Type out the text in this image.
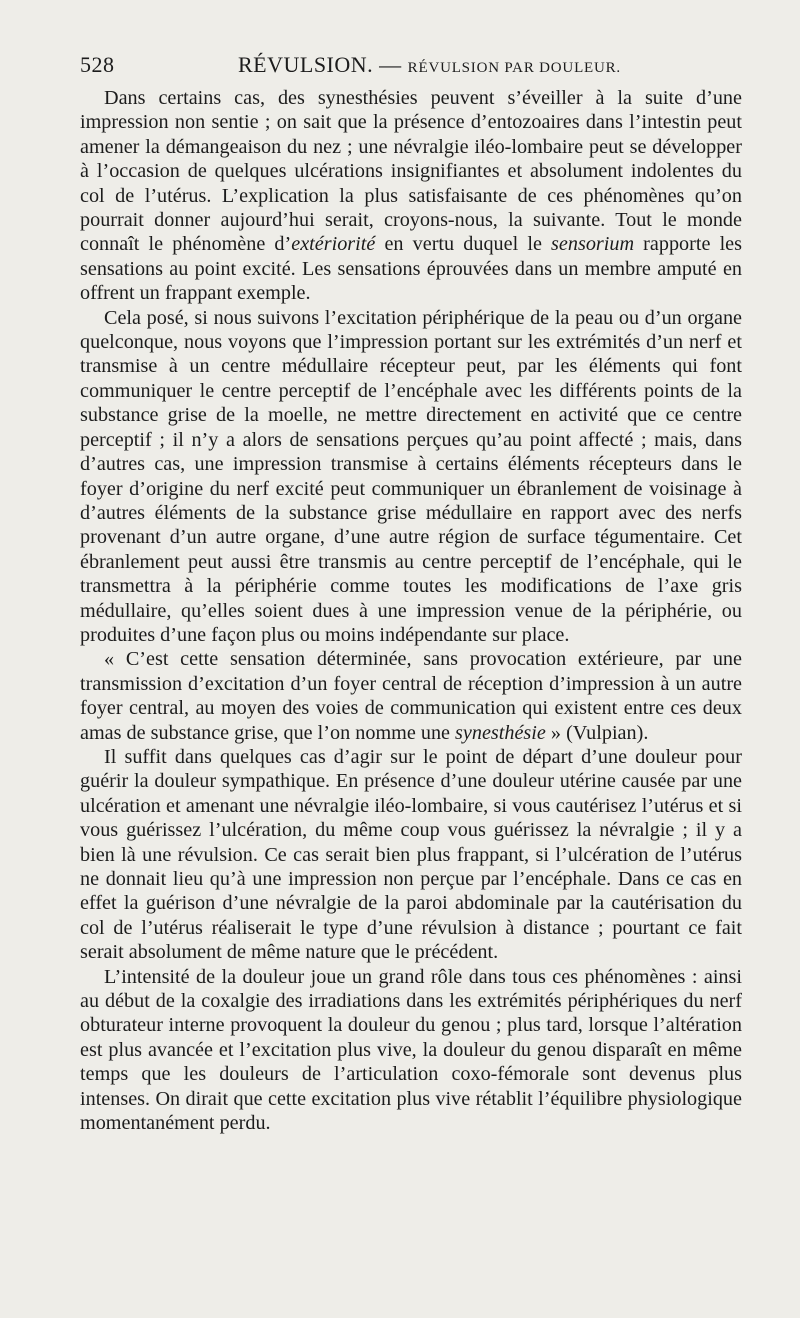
528	RÉVULSION. — RÉVULSION PAR DOULEUR.

Dans certains cas, des synesthésies peuvent s’éveiller à la suite d’une impression non sentie ; on sait que la présence d’entozoaires dans l’intestin peut amener la démangeaison du nez ; une névralgie iléo-lombaire peut se développer à l’occasion de quelques ulcérations insignifiantes et absolument indolentes du col de l’utérus. L’explication la plus satisfaisante de ces phénomènes qu’on pourrait donner aujourd’hui serait, croyons-nous, la suivante. Tout le monde connaît le phénomène d’extériorité en vertu duquel le sensorium rapporte les sensations au point excité. Les sensations éprouvées dans un membre amputé en offrent un frappant exemple.

Cela posé, si nous suivons l’excitation périphérique de la peau ou d’un organe quelconque, nous voyons que l’impression portant sur les extrémités d’un nerf et transmise à un centre médullaire récepteur peut, par les éléments qui font communiquer le centre perceptif de l’encéphale avec les différents points de la substance grise de la moelle, ne mettre directement en activité que ce centre perceptif ; il n’y a alors de sensations perçues qu’au point affecté ; mais, dans d’autres cas, une impression transmise à certains éléments récepteurs dans le foyer d’origine du nerf excité peut communiquer un ébranlement de voisinage à d’autres éléments de la substance grise médullaire en rapport avec des nerfs provenant d’un autre organe, d’une autre région de surface tégumentaire. Cet ébranlement peut aussi être transmis au centre perceptif de l’encéphale, qui le transmettra à la périphérie comme toutes les modifications de l’axe gris médullaire, qu’elles soient dues à une impression venue de la périphérie, ou produites d’une façon plus ou moins indépendante sur place.

« C’est cette sensation déterminée, sans provocation extérieure, par une transmission d’excitation d’un foyer central de réception d’impression à un autre foyer central, au moyen des voies de communication qui existent entre ces deux amas de substance grise, que l’on nomme une synesthésie » (Vulpian).

Il suffit dans quelques cas d’agir sur le point de départ d’une douleur pour guérir la douleur sympathique. En présence d’une douleur utérine causée par une ulcération et amenant une névralgie iléo-lombaire, si vous cautérisez l’utérus et si vous guérissez l’ulcération, du même coup vous guérissez la névralgie ; il y a bien là une révulsion. Ce cas serait bien plus frappant, si l’ulcération de l’utérus ne donnait lieu qu’à une impression non perçue par l’encéphale. Dans ce cas en effet la guérison d’une névralgie de la paroi abdominale par la cautérisation du col de l’utérus réaliserait le type d’une révulsion à distance ; pourtant ce fait serait absolument de même nature que le précédent.

L’intensité de la douleur joue un grand rôle dans tous ces phénomènes : ainsi au début de la coxalgie des irradiations dans les extrémités périphériques du nerf obturateur interne provoquent la douleur du genou ; plus tard, lorsque l’altération est plus avancée et l’excitation plus vive, la douleur du genou disparaît en même temps que les douleurs de l’articulation coxo-fémorale sont devenus plus intenses. On dirait que cette excitation plus vive rétablit l’équilibre physiologique momentanément perdu.
